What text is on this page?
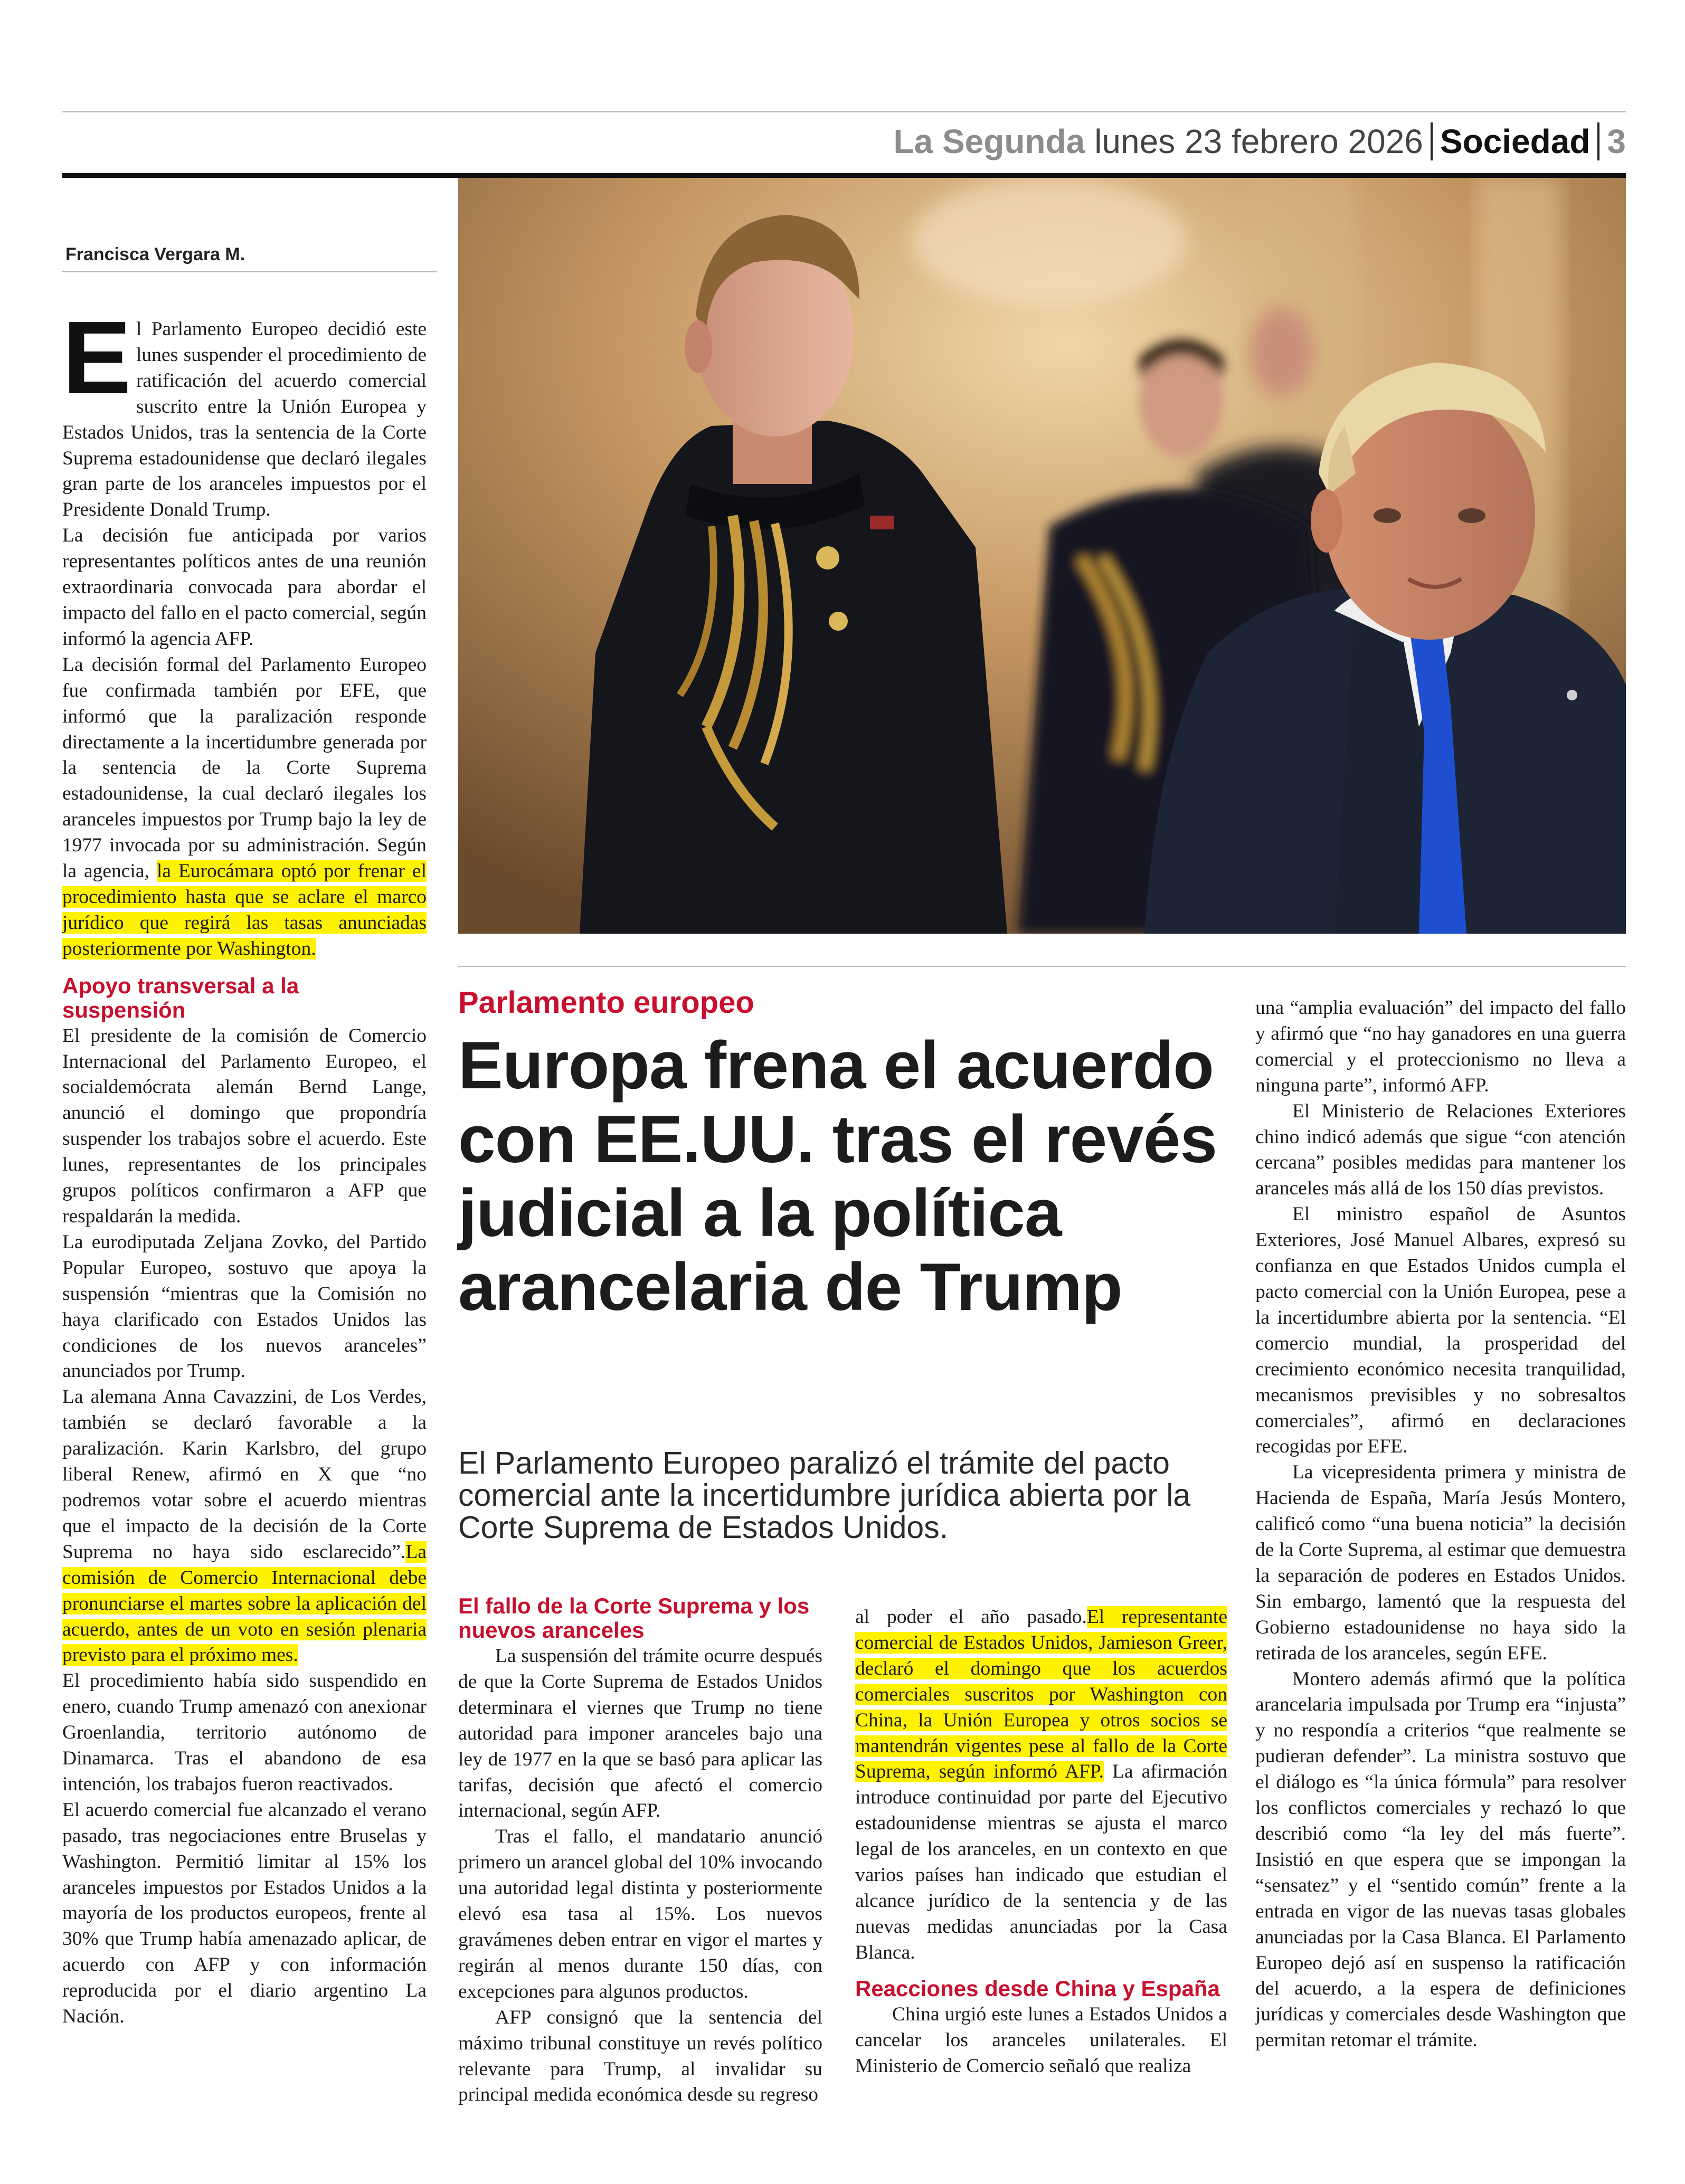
La Segunda lunes 23 febrero 2026 Sociedad 3
Francisca Vergara M.

El Parlamento Europeo decidió este lunes suspender el procedimiento de ratificación del acuerdo comercial suscrito entre la Unión Europea y Estados Unidos, tras la sentencia de la Corte Suprema estadounidense que declaró ilegales gran parte de los aranceles impuestos por el Presidente Donald Trump.

La decisión fue anticipada por varios representantes políticos antes de una reunión extraordinaria convocada para abordar el impacto del fallo en el pacto comercial, según informó la agencia AFP.

La decisión formal del Parlamento Europeo fue confirmada también por EFE, que informó que la paralización responde directamente a la incertidumbre generada por la sentencia de la Corte Suprema estadounidense, la cual declaró ilegales los aranceles impuestos por Trump bajo la ley de 1977 invocada por su administración. Según la agencia, la Eurocámara optó por frenar el procedimiento hasta que se aclare el marco jurídico que regirá las tasas anunciadas posteriormente por Washington.

Apoyo transversal a la suspensión

El presidente de la comisión de Comercio Internacional del Parlamento Europeo, el socialdemócrata alemán Bernd Lange, anunció el domingo que propondría suspender los trabajos sobre el acuerdo. Este lunes, representantes de los principales grupos políticos confirmaron a AFP que respaldarán la medida.

La eurodiputada Zeljana Zovko, del Partido Popular Europeo, sostuvo que apoya la suspensión “mientras que la Comisión no haya clarificado con Estados Unidos las condiciones de los nuevos aranceles” anunciados por Trump.

La alemana Anna Cavazzini, de Los Verdes, también se declaró favorable a la paralización. Karin Karlsbro, del grupo liberal Renew, afirmó en X que “no podremos votar sobre el acuerdo mientras que el impacto de la decisión de la Corte Suprema no haya sido esclarecido”.La comisión de Comercio Internacional debe pronunciarse el martes sobre la aplicación del acuerdo, antes de un voto en sesión plenaria previsto para el próximo mes.

El procedimiento había sido suspendido en enero, cuando Trump amenazó con anexionar Groenlandia, territorio autónomo de Dinamarca. Tras el abandono de esa intención, los trabajos fueron reactivados.

El acuerdo comercial fue alcanzado el verano pasado, tras negociaciones entre Bruselas y Washington. Permitió limitar al 15% los aranceles impuestos por Estados Unidos a la mayoría de los productos europeos, frente al 30% que Trump había amenazado aplicar, de acuerdo con AFP y con información reproducida por el diario argentino La Nación.

Parlamento europeo
Europa frena el acuerdo con EE.UU. tras el revés judicial a la política arancelaria de Trump

El Parlamento Europeo paralizó el trámite del pacto comercial ante la incertidumbre jurídica abierta por la Corte Suprema de Estados Unidos.

El fallo de la Corte Suprema y los nuevos aranceles

La suspensión del trámite ocurre después de que la Corte Suprema de Estados Unidos determinara el viernes que Trump no tiene autoridad para imponer aranceles bajo una ley de 1977 en la que se basó para aplicar las tarifas, decisión que afectó el comercio internacional, según AFP.

Tras el fallo, el mandatario anunció primero un arancel global del 10% invocando una autoridad legal distinta y posteriormente elevó esa tasa al 15%. Los nuevos gravámenes deben entrar en vigor el martes y regirán al menos durante 150 días, con excepciones para algunos productos.

AFP consignó que la sentencia del máximo tribunal constituye un revés político relevante para Trump, al invalidar su principal medida económica desde su regreso

al poder el año pasado.El representante comercial de Estados Unidos, Jamieson Greer, declaró el domingo que los acuerdos comerciales suscritos por Washington con China, la Unión Europea y otros socios se mantendrán vigentes pese al fallo de la Corte Suprema, según informó AFP. La afirmación introduce continuidad por parte del Ejecutivo estadounidense mientras se ajusta el marco legal de los aranceles, en un contexto en que varios países han indicado que estudian el alcance jurídico de la sentencia y de las nuevas medidas anunciadas por la Casa Blanca.

Reacciones desde China y España

China urgió este lunes a Estados Unidos a cancelar los aranceles unilaterales. El Ministerio de Comercio señaló que realiza

una “amplia evaluación” del impacto del fallo y afirmó que “no hay ganadores en una guerra comercial y el proteccionismo no lleva a ninguna parte”, informó AFP.

El Ministerio de Relaciones Exteriores chino indicó además que sigue “con atención cercana” posibles medidas para mantener los aranceles más allá de los 150 días previstos.

El ministro español de Asuntos Exteriores, José Manuel Albares, expresó su confianza en que Estados Unidos cumpla el pacto comercial con la Unión Europea, pese a la incertidumbre abierta por la sentencia. “El comercio mundial, la prosperidad del crecimiento económico necesita tranquilidad, mecanismos previsibles y no sobresaltos comerciales”, afirmó en declaraciones recogidas por EFE.

La vicepresidenta primera y ministra de Hacienda de España, María Jesús Montero, calificó como “una buena noticia” la decisión de la Corte Suprema, al estimar que demuestra la separación de poderes en Estados Unidos. Sin embargo, lamentó que la respuesta del Gobierno estadounidense no haya sido la retirada de los aranceles, según EFE.

Montero además afirmó que la política arancelaria impulsada por Trump era “injusta” y no respondía a criterios “que realmente se pudieran defender”. La ministra sostuvo que el diálogo es “la única fórmula” para resolver los conflictos comerciales y rechazó lo que describió como “la ley del más fuerte”. Insistió en que espera que se impongan la “sensatez” y el “sentido común” frente a la entrada en vigor de las nuevas tasas globales anunciadas por la Casa Blanca. El Parlamento Europeo dejó así en suspenso la ratificación del acuerdo, a la espera de definiciones jurídicas y comerciales desde Washington que permitan retomar el trámite.
